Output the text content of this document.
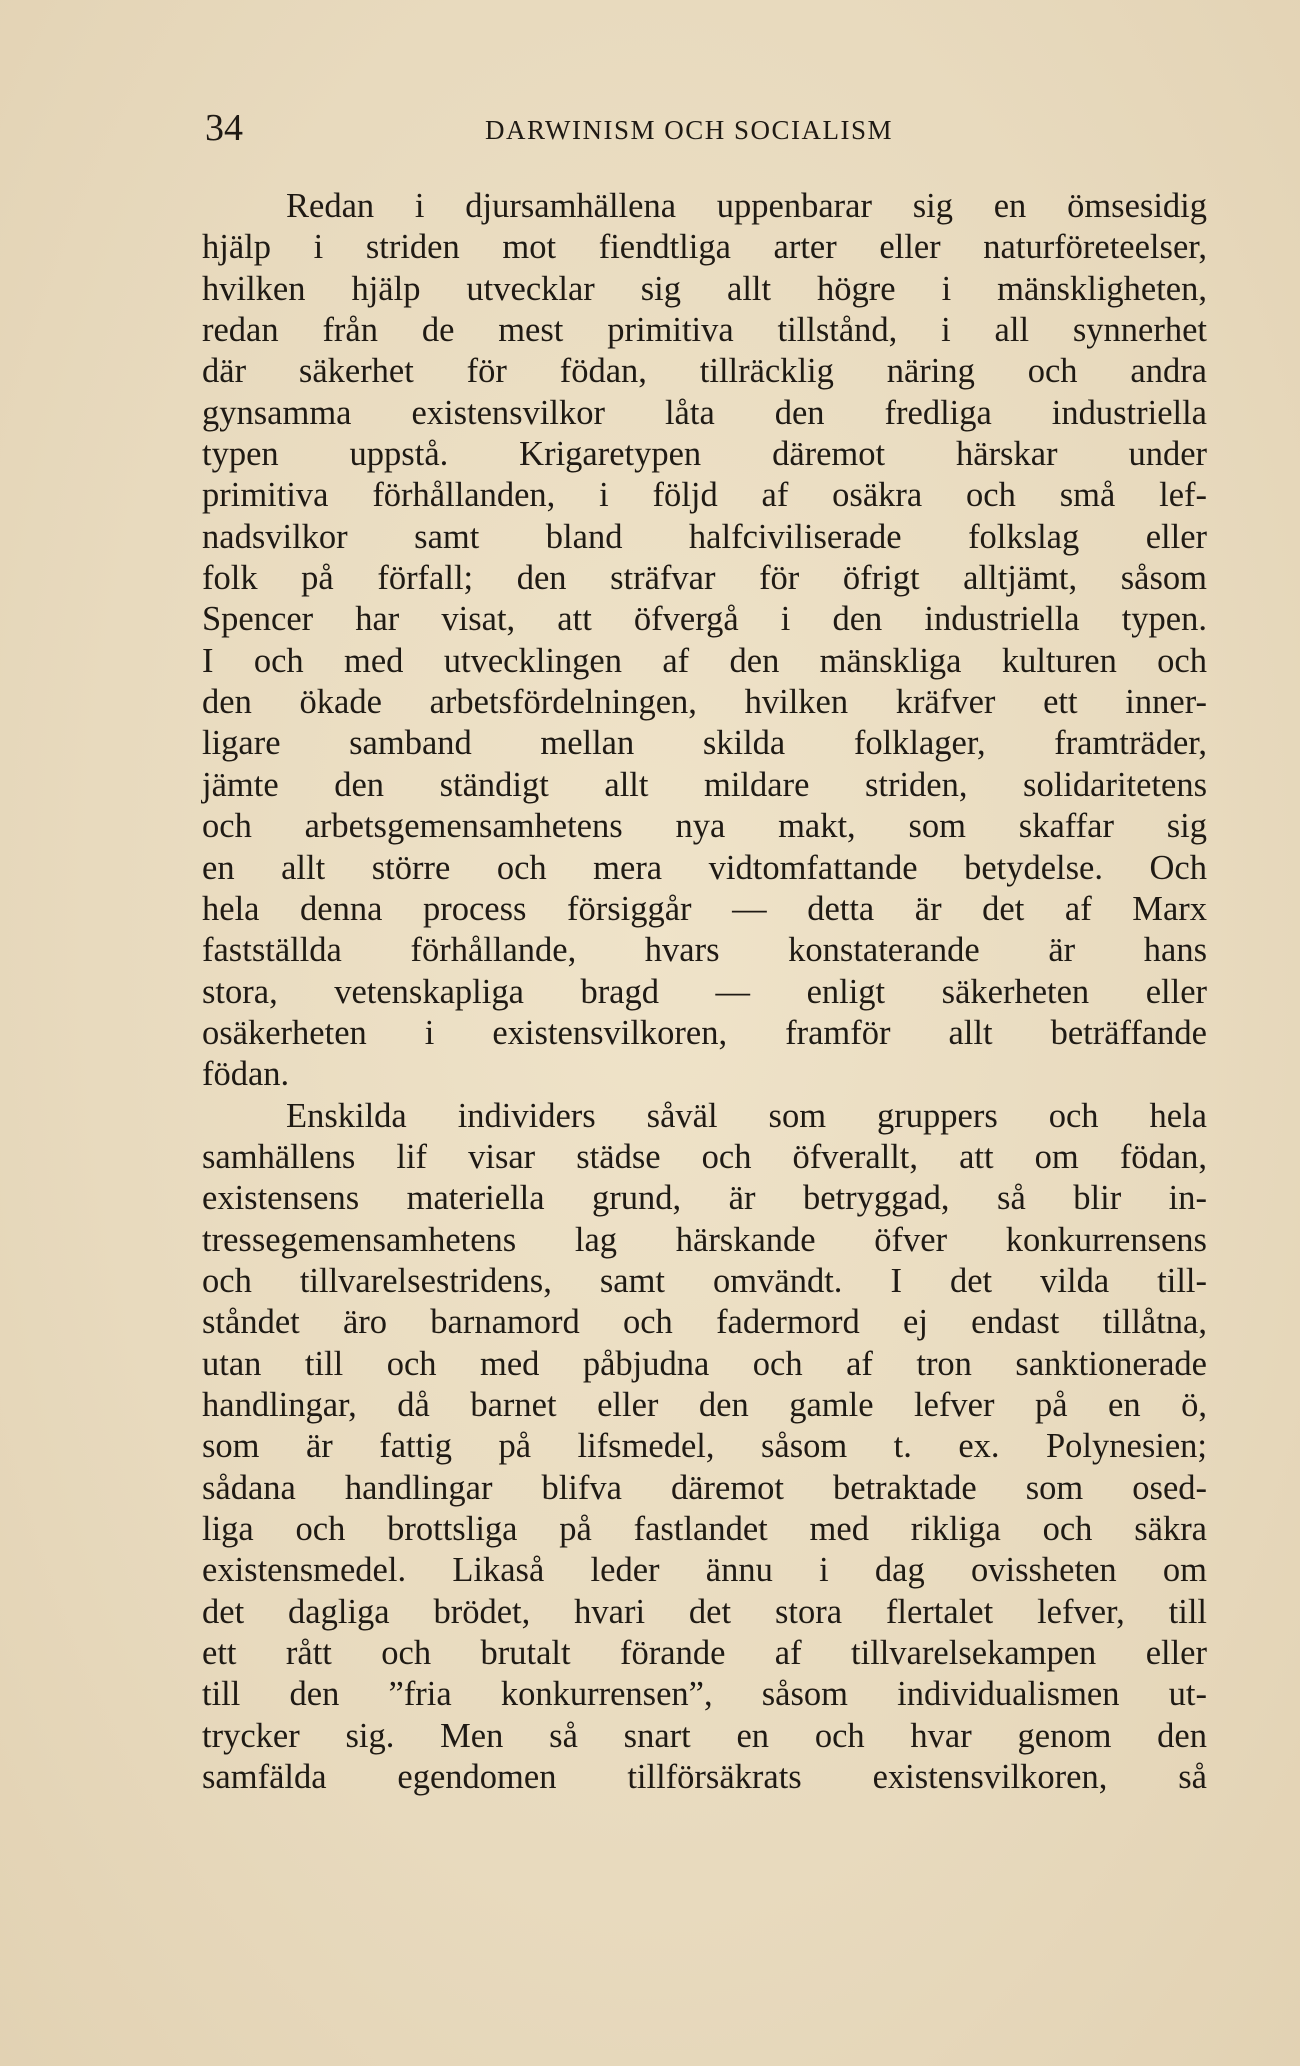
34	DARWINISM OCH SOCIALISM
Redan i djursamhällena uppenbarar sig en ömsesidig
hjälp i striden mot fiendtliga arter eller naturföreteelser,
hvilken hjälp utvecklar sig allt högre i mänskligheten,
redan från de mest primitiva tillstånd, i all synnerhet
där säkerhet för födan, tillräcklig näring och andra
gynsamma existensvilkor låta den fredliga industriella
typen uppstå. Krigaretypen däremot härskar under
primitiva förhållanden, i följd af osäkra och små lef-
nadsvilkor samt bland halfciviliserade folkslag eller
folk på förfall; den sträfvar för öfrigt alltjämt, såsom
Spencer har visat, att öfvergå i den industriella typen.
I och med utvecklingen af den mänskliga kulturen och
den ökade arbetsfördelningen, hvilken kräfver ett inner-
ligare samband mellan skilda folklager, framträder,
jämte den ständigt allt mildare striden, solidaritetens
och arbetsgemensamhetens nya makt, som skaffar sig
en allt större och mera vidtomfattande betydelse. Och
hela denna process försiggår — detta är det af Marx
fastställda förhållande, hvars konstaterande är hans
stora, vetenskapliga bragd — enligt säkerheten eller
osäkerheten i existensvilkoren, framför allt beträffande
födan.
Enskilda individers såväl som gruppers och hela
samhällens lif visar städse och öfverallt, att om födan,
existensens materiella grund, är betryggad, så blir in-
tressegemensamhetens lag härskande öfver konkurrensens
och tillvarelsestridens, samt omvändt. I det vilda till-
ståndet äro barnamord och fadermord ej endast tillåtna,
utan till och med påbjudna och af tron sanktionerade
handlingar, då barnet eller den gamle lefver på en ö,
som är fattig på lifsmedel, såsom t. ex. Polynesien;
sådana handlingar blifva däremot betraktade som osed-
liga och brottsliga på fastlandet med rikliga och säkra
existensmedel. Likaså leder ännu i dag ovissheten om
det dagliga brödet, hvari det stora flertalet lefver, till
ett rått och brutalt förande af tillvarelsekampen eller
till den ”fria konkurrensen”, såsom individualismen ut-
trycker sig. Men så snart en och hvar genom den
samfälda egendomen tillförsäkrats existensvilkoren, så
